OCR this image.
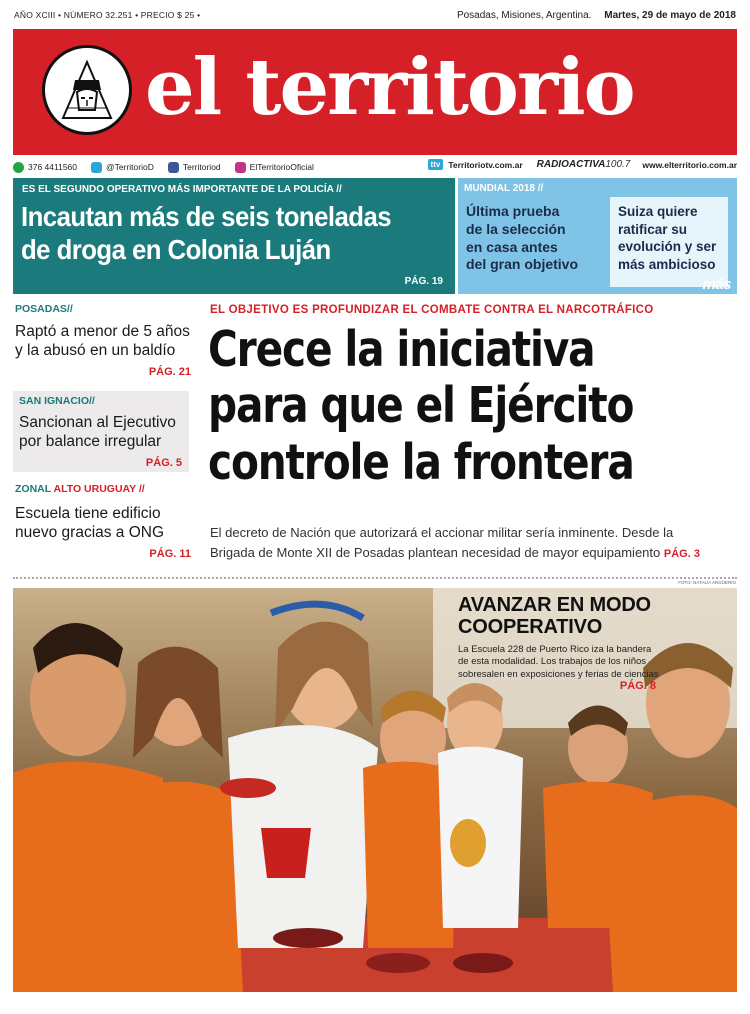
AÑO XCIII • NÚMERO 32.251 • PRECIO $ 25 •	Posadas, Misiones, Argentina. Martes, 29 de mayo de 2018
el territorio
376 4411560	@TerritorioD	Territoriod	ElTerritorioOficial	ttv Territoriotv.com.ar RADIOACTIVA100.7 www.elterritorio.com.ar
ES EL SEGUNDO OPERATIVO MÁS IMPORTANTE DE LA POLICÍA //
Incautan más de seis toneladas
de droga en Colonia Luján
PÁG. 19
MUNDIAL 2018 //
Última prueba
de la selección
en casa antes
del gran objetivo
Suiza quiere
ratificar su
evolución y ser
más ambicioso
más
POSADAS//
Raptó a menor de 5 años
y la abusó en un baldío
PÁG. 21
SAN IGNACIO//
Sancionan al Ejecutivo
por balance irregular
PÁG. 5
ZONAL ALTO URUGUAY //
Escuela tiene edificio
nuevo gracias a ONG
PÁG. 11
EL OBJETIVO ES PROFUNDIZAR EL COMBATE CONTRA EL NARCOTRÁFICO
Crece la iniciativa
para que el Ejército
controle la frontera
El decreto de Nación que autorizará el accionar militar sería inminente. Desde la
Brigada de Monte XII de Posadas plantean necesidad de mayor equipamiento PÁG. 3
FOTO: NATALIA ARGÜERIO
AVANZAR EN MODO
COOPERATIVO
La Escuela 228 de Puerto Rico iza la bandera
de esta modalidad. Los trabajos de los niños
sobresalen en exposiciones y ferias de ciencias
PÁG. 8
